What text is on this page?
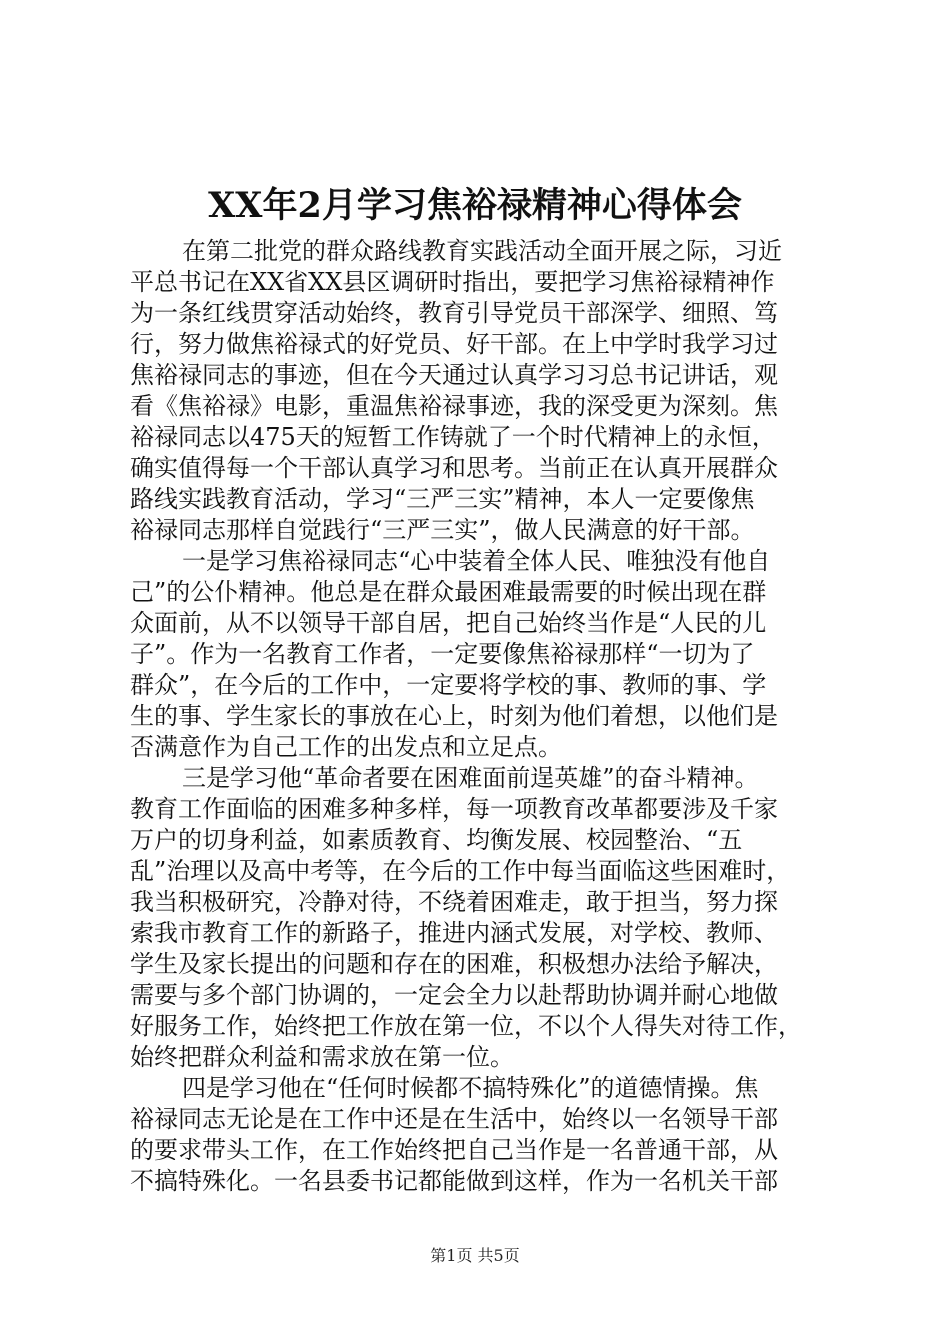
XX年2月学习焦裕禄精神心得体会
在第二批党的群众路线教育实践活动全面开展之际，习近
平总书记在XX省XX县区调研时指出，要把学习焦裕禄精神作
为一条红线贯穿活动始终，教育引导党员干部深学、细照、笃
行，努力做焦裕禄式的好党员、好干部。在上中学时我学习过
焦裕禄同志的事迹，但在今天通过认真学习习总书记讲话，观
看《焦裕禄》电影，重温焦裕禄事迹，我的深受更为深刻。焦
裕禄同志以475天的短暂工作铸就了一个时代精神上的永恒，
确实值得每一个干部认真学习和思考。当前正在认真开展群众
路线实践教育活动，学习“三严三实”精神，本人一定要像焦
裕禄同志那样自觉践行“三严三实”，做人民满意的好干部。
一是学习焦裕禄同志“心中装着全体人民、唯独没有他自
己”的公仆精神。他总是在群众最困难最需要的时候出现在群
众面前，从不以领导干部自居，把自己始终当作是“人民的儿
子”。作为一名教育工作者，一定要像焦裕禄那样“一切为了
群众”，在今后的工作中，一定要将学校的事、教师的事、学
生的事、学生家长的事放在心上，时刻为他们着想，以他们是
否满意作为自己工作的出发点和立足点。
三是学习他“革命者要在困难面前逞英雄”的奋斗精神。
教育工作面临的困难多种多样，每一项教育改革都要涉及千家
万户的切身利益，如素质教育、均衡发展、校园整治、“五
乱”治理以及高中考等，在今后的工作中每当面临这些困难时，
我当积极研究，冷静对待，不绕着困难走，敢于担当，努力探
索我市教育工作的新路子，推进内涵式发展，对学校、教师、
学生及家长提出的问题和存在的困难，积极想办法给予解决，
需要与多个部门协调的，一定会全力以赴帮助协调并耐心地做
好服务工作，始终把工作放在第一位，不以个人得失对待工作，
始终把群众利益和需求放在第一位。
四是学习他在“任何时候都不搞特殊化”的道德情操。焦
裕禄同志无论是在工作中还是在生活中，始终以一名领导干部
的要求带头工作，在工作始终把自己当作是一名普通干部，从
不搞特殊化。一名县委书记都能做到这样，作为一名机关干部
第1页 共5页
